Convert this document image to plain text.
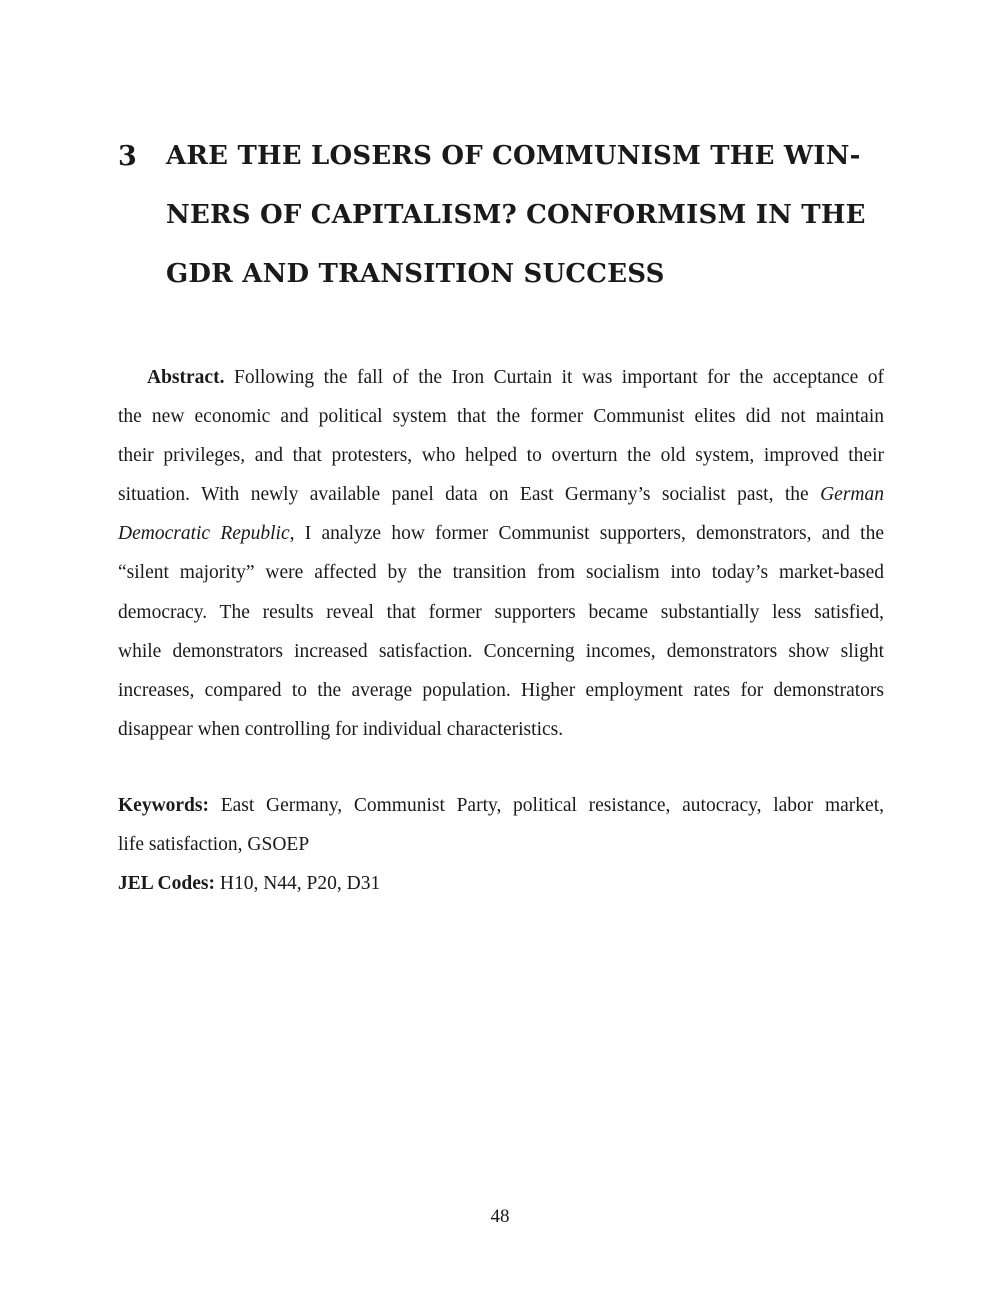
3 ARE THE LOSERS OF COMMUNISM THE WIN-
NERS OF CAPITALISM? CONFORMISM IN THE
GDR AND TRANSITION SUCCESS
Abstract. Following the fall of the Iron Curtain it was important for the acceptance of
the new economic and political system that the former Communist elites did not maintain
their privileges, and that protesters, who helped to overturn the old system, improved their
situation. With newly available panel data on East Germany’s socialist past, the German
Democratic Republic, I analyze how former Communist supporters, demonstrators, and the
“silent majority” were affected by the transition from socialism into today’s market-based
democracy. The results reveal that former supporters became substantially less satisfied,
while demonstrators increased satisfaction. Concerning incomes, demonstrators show slight
increases, compared to the average population. Higher employment rates for demonstrators
disappear when controlling for individual characteristics.
Keywords: East Germany, Communist Party, political resistance, autocracy, labor market,
life satisfaction, GSOEP
JEL Codes: H10, N44, P20, D31
48
